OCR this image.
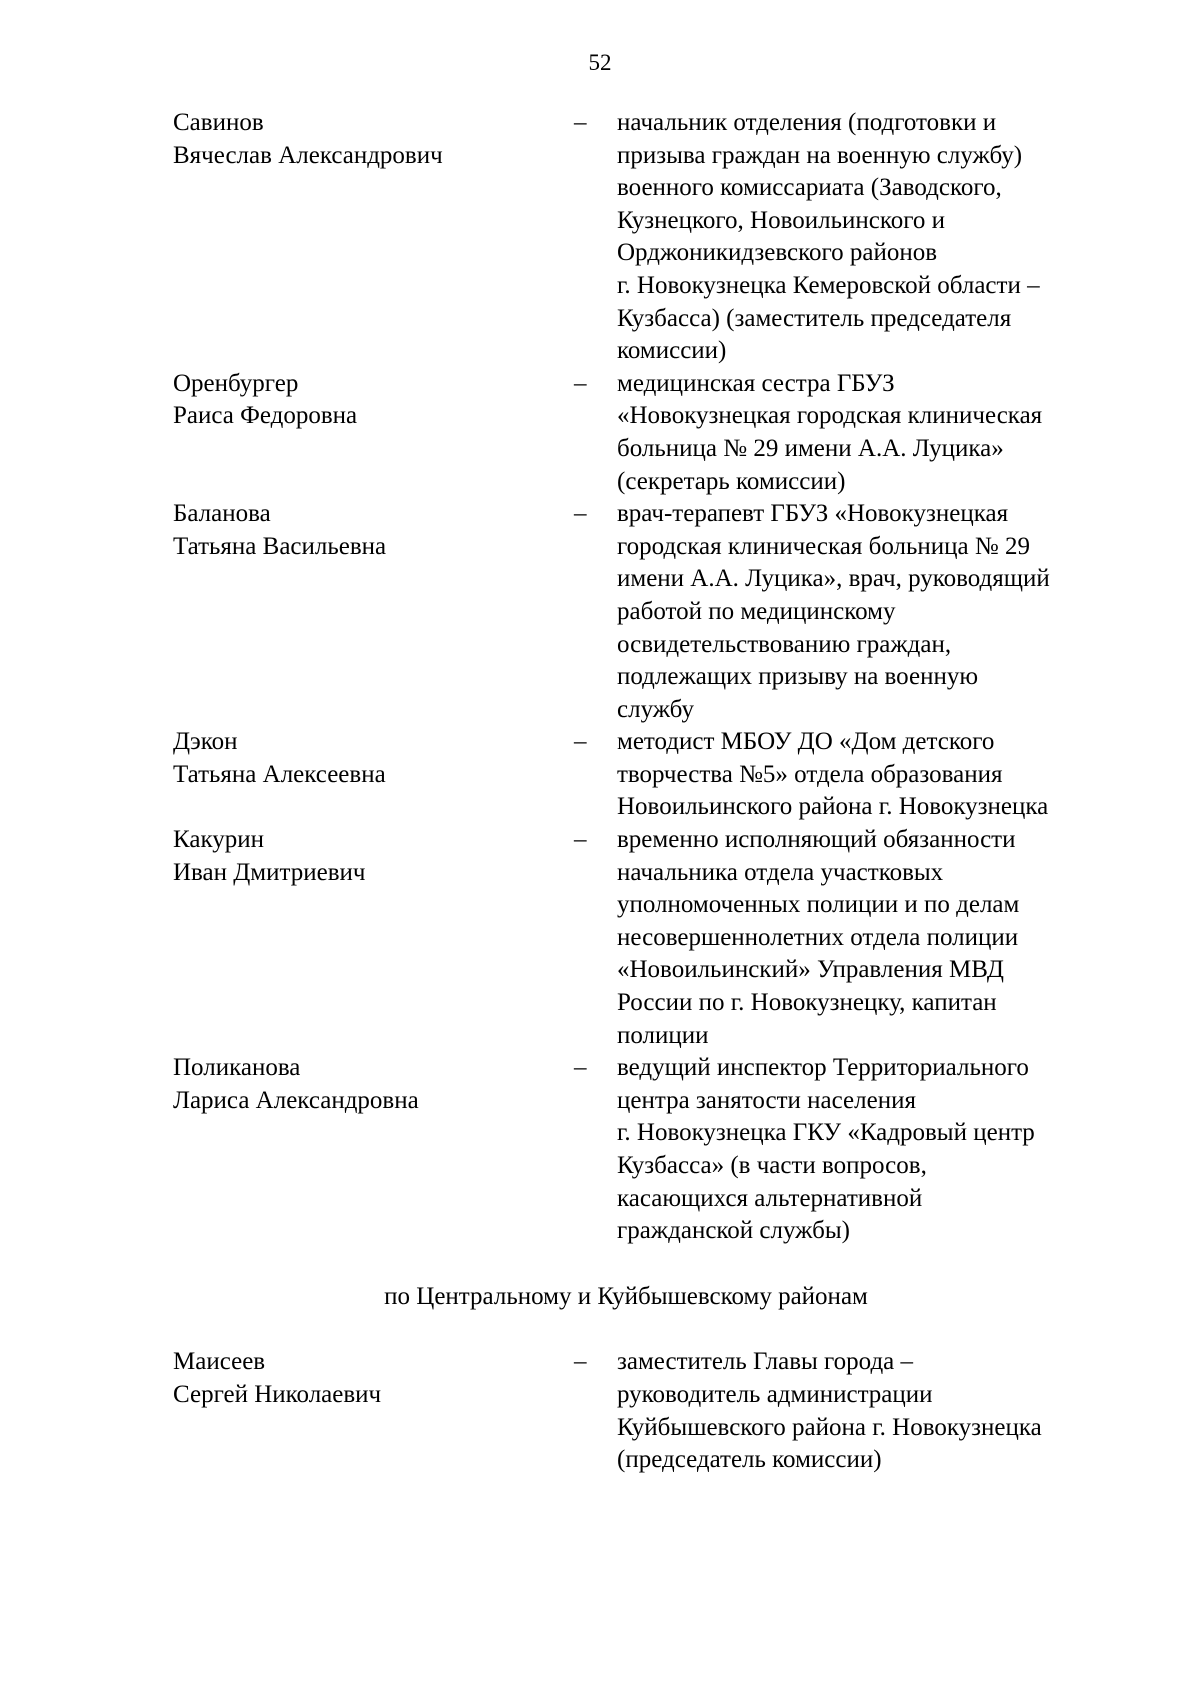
52
Савинов
Вячеслав Александрович
– начальник отделения (подготовки и
призыва граждан на военную службу)
военного комиссариата (Заводского,
Кузнецкого, Новоильинского и
Орджоникидзевского районов
г. Новокузнецка Кемеровской области –
Кузбасса) (заместитель председателя
комиссии)
Оренбургер
Раиса Федоровна
– медицинская сестра ГБУЗ
«Новокузнецкая городская клиническая
больница № 29 имени А.А. Луцика»
(секретарь комиссии)
Баланова
Татьяна Васильевна
– врач-терапевт ГБУЗ «Новокузнецкая
городская клиническая больница № 29
имени А.А. Луцика», врач, руководящий
работой по медицинскому
освидетельствованию граждан,
подлежащих призыву на военную
службу
Дэкон
Татьяна Алексеевна
– методист МБОУ ДО «Дом детского
творчества №5» отдела образования
Новоильинского района г. Новокузнецка
Какурин
Иван Дмитриевич
– временно исполняющий обязанности
начальника отдела участковых
уполномоченных полиции и по делам
несовершеннолетних отдела полиции
«Новоильинский» Управления МВД
России по г. Новокузнецку, капитан
полиции
Поликанова
Лариса Александровна
– ведущий инспектор Территориального
центра занятости населения
г. Новокузнецка ГКУ «Кадровый центр
Кузбасса» (в части вопросов,
касающихся альтернативной
гражданской службы)
по Центральному и Куйбышевскому районам
Маисеев
Сергей Николаевич
– заместитель Главы города –
руководитель администрации
Куйбышевского района г. Новокузнецка
(председатель комиссии)
